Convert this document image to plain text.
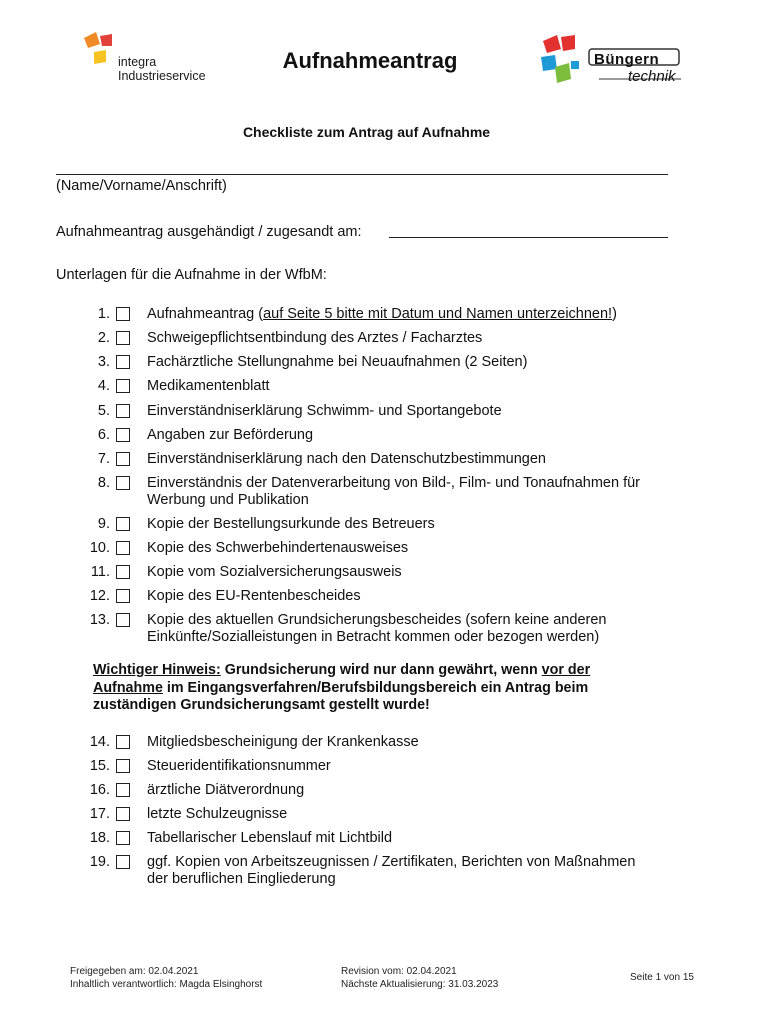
integra
Industrieservice
Aufnahmeantrag	Büngern
technik
Checkliste zum Antrag auf Aufnahme
(Name/Vorname/Anschrift)
Aufnahmeantrag ausgehändigt / zugesandt am:
Unterlagen für die Aufnahme in der WfbM:
1.	Aufnahmeantrag (auf Seite 5 bitte mit Datum und Namen unterzeichnen!)
2.	Schweigepflichtsentbindung des Arztes / Facharztes
3.	Fachärztliche Stellungnahme bei Neuaufnahmen (2 Seiten)
4.	Medikamentenblatt
5.	Einverständniserklärung Schwimm- und Sportangebote
6.	Angaben zur Beförderung
7.	Einverständniserklärung nach den Datenschutzbestimmungen
8.	Einverständnis der Datenverarbeitung von Bild-, Film- und Tonaufnahmen für
Werbung und Publikation
9.	Kopie der Bestellungsurkunde des Betreuers
10.	Kopie des Schwerbehindertenausweises
11.	Kopie vom Sozialversicherungsausweis
12.	Kopie des EU-Rentenbescheides
13.	Kopie des aktuellen Grundsicherungsbescheides (sofern keine anderen
Einkünfte/Sozialleistungen in Betracht kommen oder bezogen werden)
Wichtiger Hinweis: Grundsicherung wird nur dann gewährt, wenn vor der
Aufnahme im Eingangsverfahren/Berufsbildungsbereich ein Antrag beim
zuständigen Grundsicherungsamt gestellt wurde!
14.	Mitgliedsbescheinigung der Krankenkasse
15.	Steueridentifikationsnummer
16.	ärztliche Diätverordnung
17.	letzte Schulzeugnisse
18.	Tabellarischer Lebenslauf mit Lichtbild
19.	ggf. Kopien von Arbeitszeugnissen / Zertifikaten, Berichten von Maßnahmen
der beruflichen Eingliederung
Freigegeben am: 02.04.2021
Inhaltlich verantwortlich: Magda Elsinghorst
Revision vom: 02.04.2021
Nächste Aktualisierung: 31.03.2023
Seite 1 von 15
